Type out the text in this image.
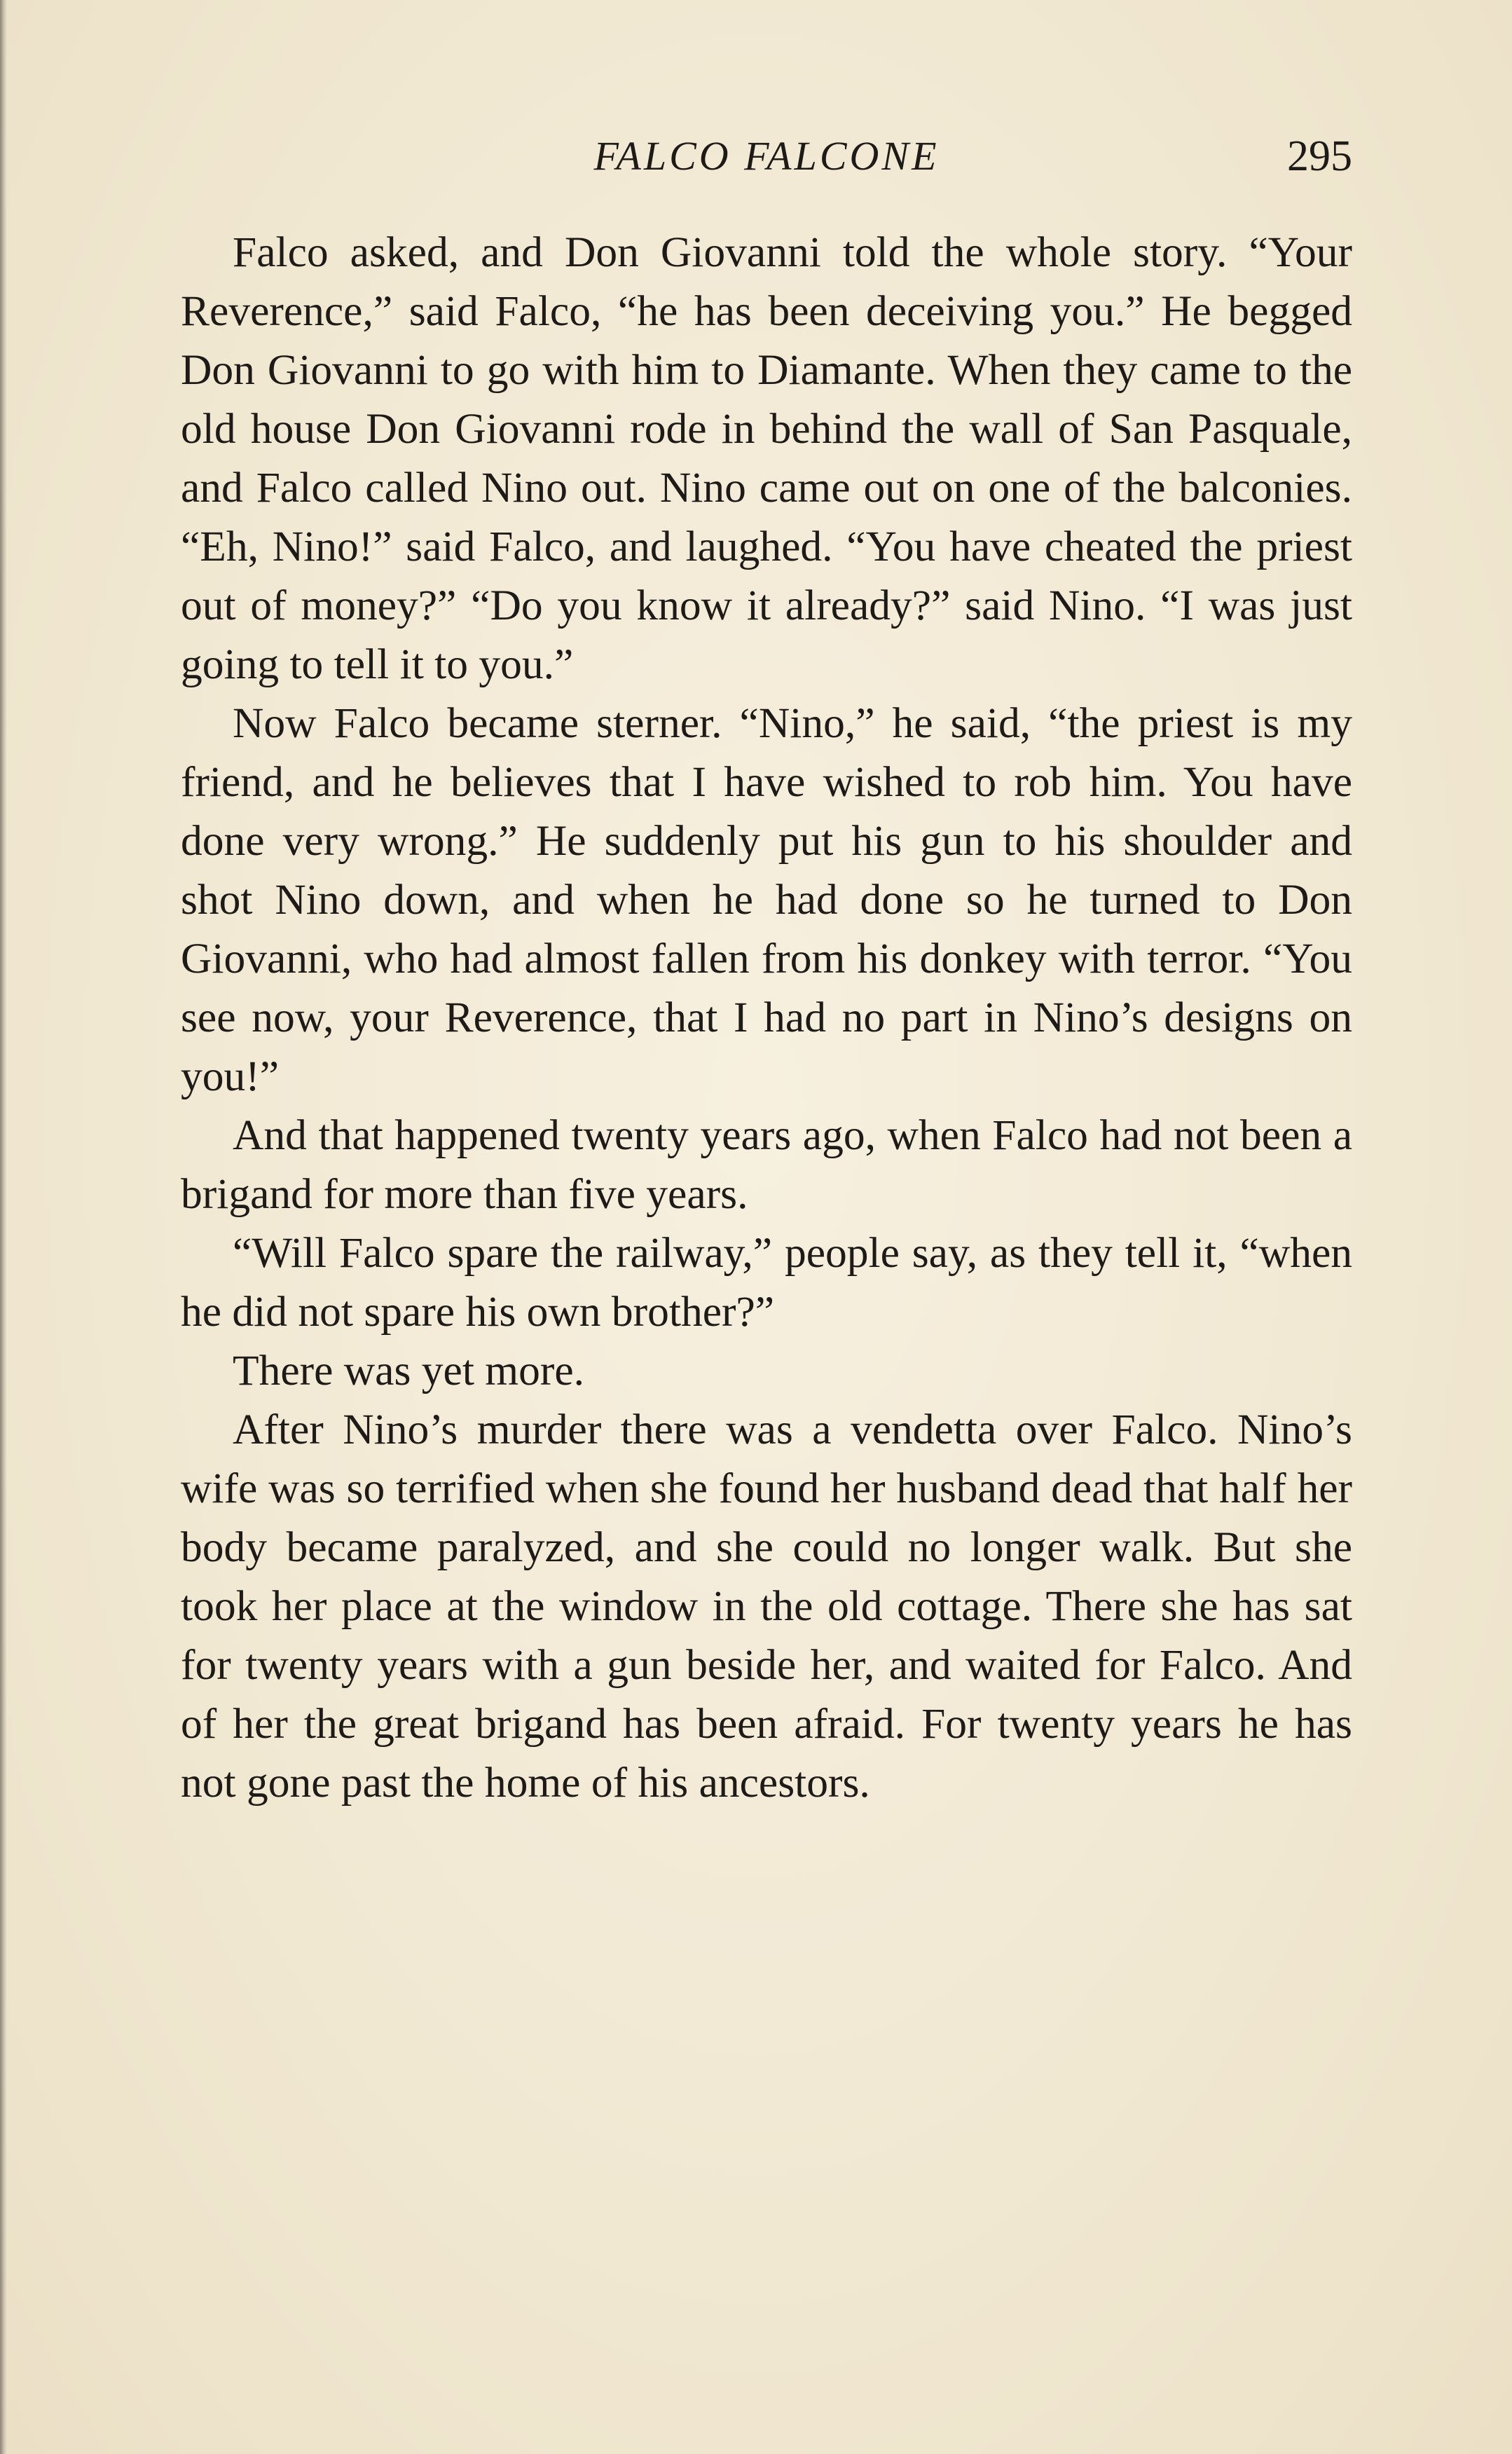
FALCO FALCONE	295

Falco asked, and Don Giovanni told the whole story. “Your Reverence,” said Falco, “he has been deceiving you.” He begged Don Giovanni to go with him to Diamante. When they came to the old house Don Giovanni rode in behind the wall of San Pasquale, and Falco called Nino out. Nino came out on one of the balconies. “Eh, Nino!” said Falco, and laughed. “You have cheated the priest out of money?” “Do you know it already?” said Nino. “I was just going to tell it to you.”

Now Falco became sterner. “Nino,” he said, “the priest is my friend, and he believes that I have wished to rob him. You have done very wrong.” He suddenly put his gun to his shoulder and shot Nino down, and when he had done so he turned to Don Giovanni, who had almost fallen from his donkey with terror. “You see now, your Reverence, that I had no part in Nino’s designs on you!”

And that happened twenty years ago, when Falco had not been a brigand for more than five years.

“Will Falco spare the railway,” people say, as they tell it, “when he did not spare his own brother?”

There was yet more.

After Nino’s murder there was a vendetta over Falco. Nino’s wife was so terrified when she found her husband dead that half her body became paralyzed, and she could no longer walk. But she took her place at the window in the old cottage. There she has sat for twenty years with a gun beside her, and waited for Falco. And of her the great brigand has been afraid. For twenty years he has not gone past the home of his ancestors.
